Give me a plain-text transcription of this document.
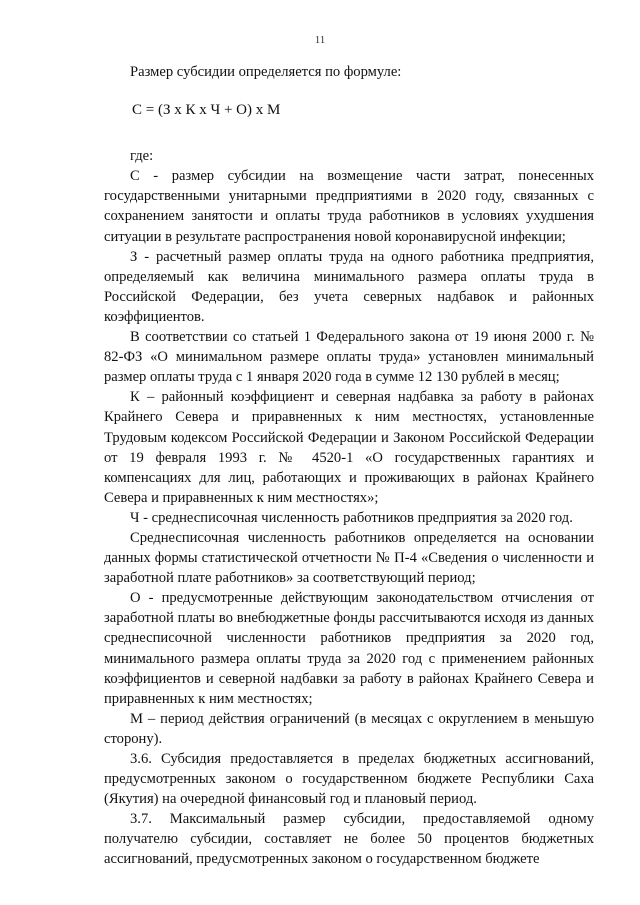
11

Размер субсидии определяется по формуле:

С = (З х К х Ч + О) х М

где:

С - размер субсидии на возмещение части затрат, понесенных государственными унитарными предприятиями в 2020 году, связанных с сохранением занятости и оплаты труда работников в условиях ухудшения ситуации в результате распространения новой коронавирусной инфекции;

З - расчетный размер оплаты труда на одного работника предприятия, определяемый как величина минимального размера оплаты труда в Российской Федерации, без учета северных надбавок и районных коэффициентов.

В соответствии со статьей 1 Федерального закона от 19 июня 2000 г. № 82-ФЗ «О минимальном размере оплаты труда» установлен минимальный размер оплаты труда с 1 января 2020 года в сумме 12 130 рублей в месяц;

К – районный коэффициент и северная надбавка за работу в районах Крайнего Севера и приравненных к ним местностях, установленные Трудовым кодексом Российской Федерации и Законом Российской Федерации от 19 февраля 1993 г. № 4520-1 «О государственных гарантиях и компенсациях для лиц, работающих и проживающих в районах Крайнего Севера и приравненных к ним местностях»;

Ч - среднесписочная численность работников предприятия за 2020 год.

Среднесписочная численность работников определяется на основании данных формы статистической отчетности № П-4 «Сведения о численности и заработной плате работников» за соответствующий период;

О - предусмотренные действующим законодательством отчисления от заработной платы во внебюджетные фонды рассчитываются исходя из данных среднесписочной численности работников предприятия за 2020 год, минимального размера оплаты труда за 2020 год с применением районных коэффициентов и северной надбавки за работу в районах Крайнего Севера и приравненных к ним местностях;

М – период действия ограничений (в месяцах с округлением в меньшую сторону).

3.6. Субсидия предоставляется в пределах бюджетных ассигнований, предусмотренных законом о государственном бюджете Республики Саха (Якутия) на очередной финансовый год и плановый период.

3.7. Максимальный размер субсидии, предоставляемой одному получателю субсидии, составляет не более 50 процентов бюджетных ассигнований, предусмотренных законом о государственном бюджете
